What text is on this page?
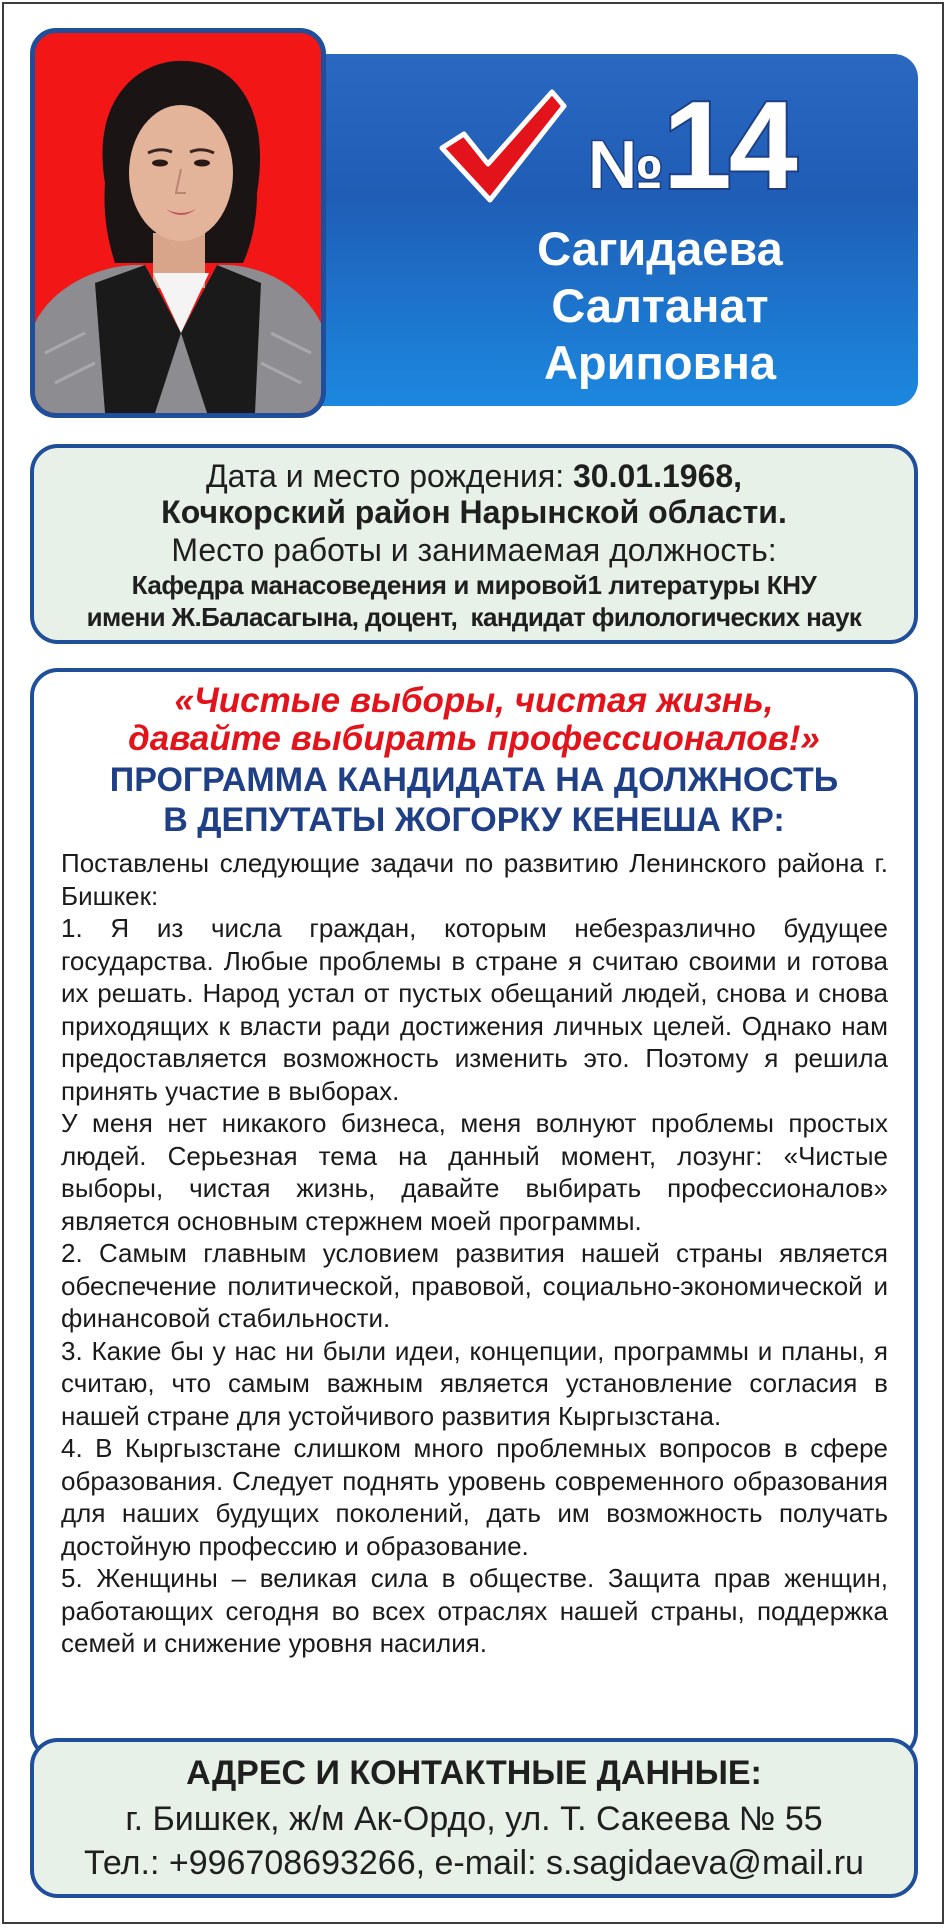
№14
Сагидаева
Салтанат
Ариповна
Дата и место рождения: 30.01.1968,
Кочкорский район Нарынской области.
Место работы и занимаемая должность:
Кафедра манасоведения и мировой1 литературы КНУ
имени Ж.Баласагына, доцент,  кандидат филологических наук
«Чистые выборы, чистая жизнь,
давайте выбирать профессионалов!»
ПРОГРАММА КАНДИДАТА НА ДОЛЖНОСТЬ
В ДЕПУТАТЫ ЖОГОРКУ КЕНЕША КР:

Поставлены следующие задачи по развитию Ленинского района г. Бишкек:

1. Я из числа граждан, которым небезразлично будущее государства. Любые проблемы в стране я считаю своими и готова их решать. Народ устал от пустых обещаний людей, снова и снова приходящих к власти ради достижения личных целей. Однако нам предоставляется возможность изменить это. Поэтому я решила принять участие в выборах.

У меня нет никакого бизнеса, меня волнуют проблемы простых людей. Серьезная тема на данный момент, лозунг: «Чистые выборы, чистая жизнь, давайте выбирать профессионалов» является основным стержнем моей программы.

2. Самым главным условием развития нашей страны является обеспечение политической, правовой, социально-экономической и финансовой стабильности.

3. Какие бы у нас ни были идеи, концепции, программы и планы, я считаю, что самым важным является установление согласия в нашей стране для устойчивого развития Кыргызстана.

4. В Кыргызстане слишком много проблемных вопросов в сфере образования. Следует поднять уровень современного образования для наших будущих поколений, дать им возможность получать достойную профессию и образование.

5. Женщины – великая сила в обществе. Защита прав женщин, работающих сегодня во всех отраслях нашей страны, поддержка семей и снижение уровня насилия.

АДРЕС И КОНТАКТНЫЕ ДАННЫЕ:
г. Бишкек, ж/м Ак-Ордо, ул. Т. Сакеева № 55
Тел.: +996708693266, e-mail: s.sagidaeva@mail.ru
